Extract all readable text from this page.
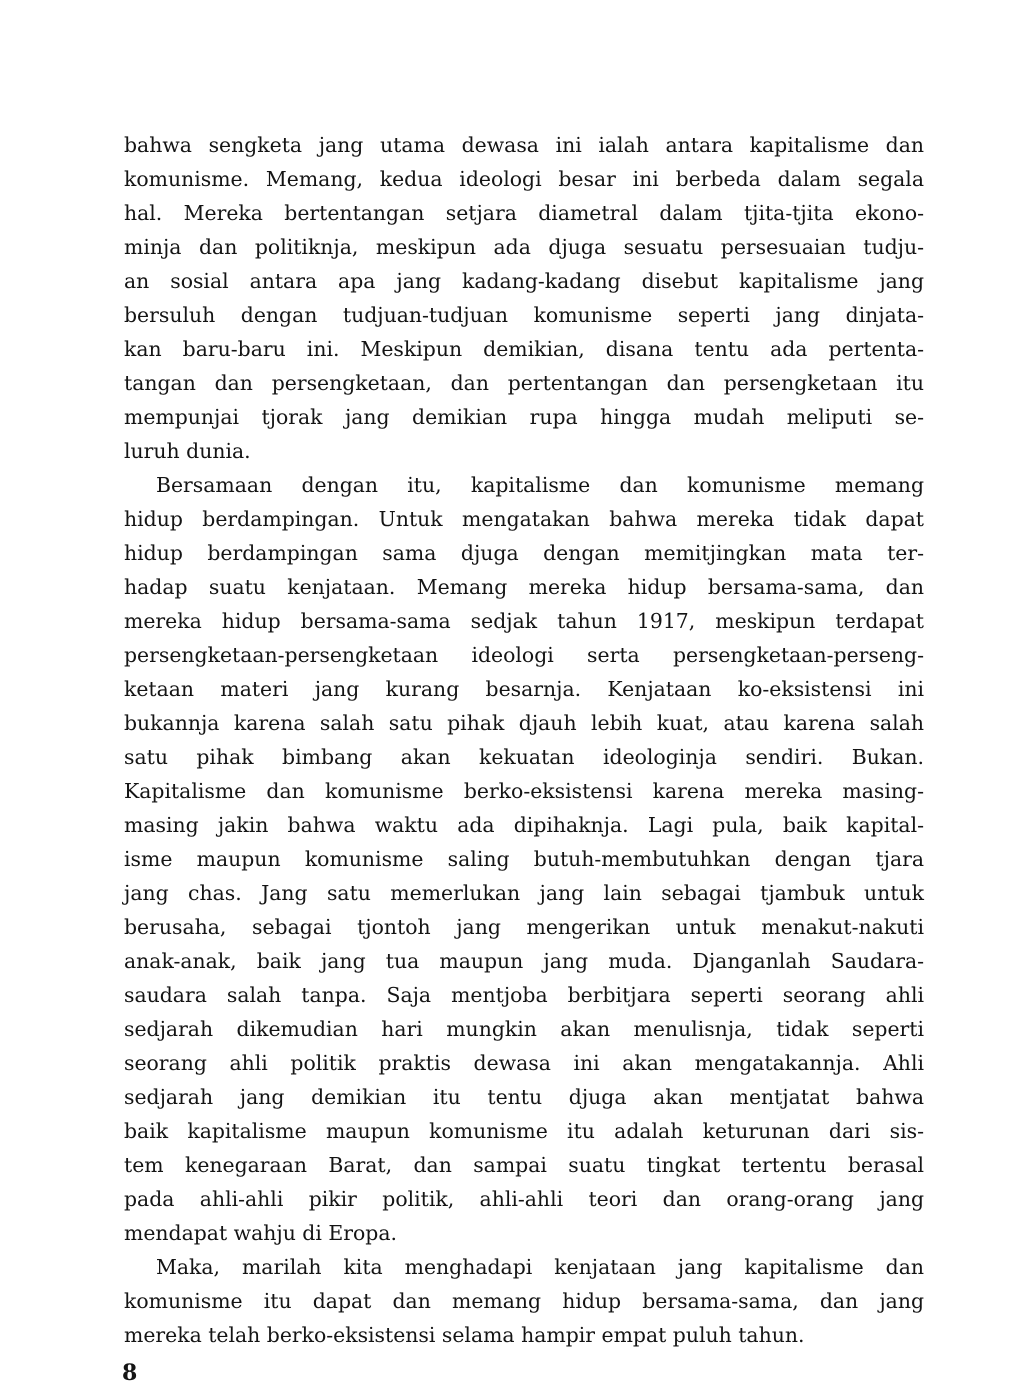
bahwa sengketa jang utama dewasa ini ialah antara kapitalisme dan
komunisme. Memang, kedua ideologi besar ini berbeda dalam segala
hal. Mereka bertentangan setjara diametral dalam tjita-tjita ekono-
minja dan politiknja, meskipun ada djuga sesuatu persesuaian tudju-
an sosial antara apa jang kadang-kadang disebut kapitalisme jang
bersuluh dengan tudjuan-tudjuan komunisme seperti jang dinjata-
kan baru-baru ini. Meskipun demikian, disana tentu ada pertenta-
tangan dan persengketaan, dan pertentangan dan persengketaan itu
mempunjai tjorak jang demikian rupa hingga mudah meliputi se-
luruh dunia.
Bersamaan dengan itu, kapitalisme dan komunisme memang
hidup berdampingan. Untuk mengatakan bahwa mereka tidak dapat
hidup berdampingan sama djuga dengan memitjingkan mata ter-
hadap suatu kenjataan. Memang mereka hidup bersama-sama, dan
mereka hidup bersama-sama sedjak tahun 1917, meskipun terdapat
persengketaan-persengketaan ideologi serta persengketaan-perseng-
ketaan materi jang kurang besarnja. Kenjataan ko-eksistensi ini
bukannja karena salah satu pihak djauh lebih kuat, atau karena salah
satu pihak bimbang akan kekuatan ideologinja sendiri. Bukan.
Kapitalisme dan komunisme berko-eksistensi karena mereka masing-
masing jakin bahwa waktu ada dipihaknja. Lagi pula, baik kapital-
isme maupun komunisme saling butuh-membutuhkan dengan tjara
jang chas. Jang satu memerlukan jang lain sebagai tjambuk untuk
berusaha, sebagai tjontoh jang mengerikan untuk menakut-nakuti
anak-anak, baik jang tua maupun jang muda. Djanganlah Saudara-
saudara salah tanpa. Saja mentjoba berbitjara seperti seorang ahli
sedjarah dikemudian hari mungkin akan menulisnja, tidak seperti
seorang ahli politik praktis dewasa ini akan mengatakannja. Ahli
sedjarah jang demikian itu tentu djuga akan mentjatat bahwa
baik kapitalisme maupun komunisme itu adalah keturunan dari sis-
tem kenegaraan Barat, dan sampai suatu tingkat tertentu berasal
pada ahli-ahli pikir politik, ahli-ahli teori dan orang-orang jang
mendapat wahju di Eropa.
Maka, marilah kita menghadapi kenjataan jang kapitalisme dan
komunisme itu dapat dan memang hidup bersama-sama, dan jang
mereka telah berko-eksistensi selama hampir empat puluh tahun.
8
